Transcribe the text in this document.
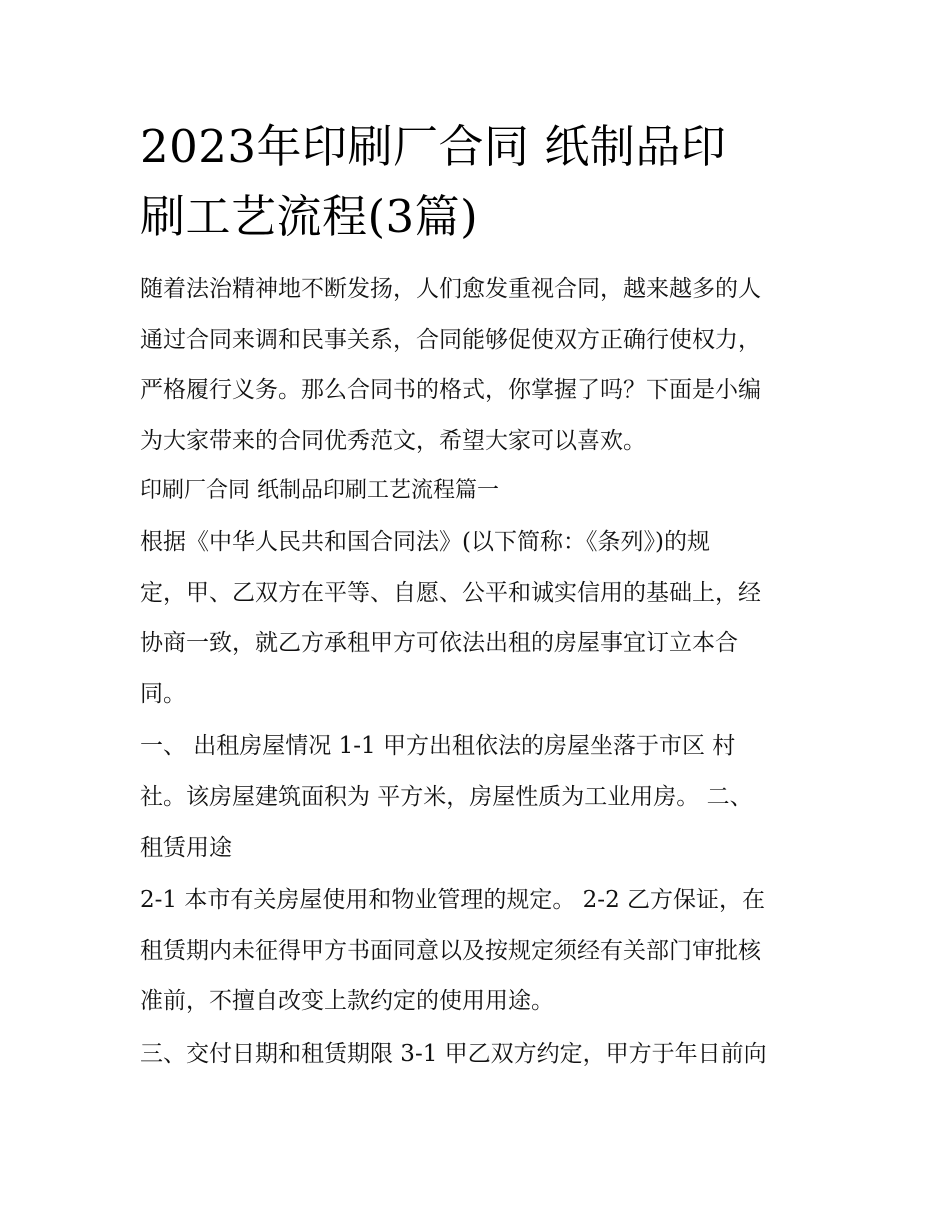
2023年印刷厂合同 纸制品印
刷工艺流程(3篇)
随着法治精神地不断发扬，人们愈发重视合同，越来越多的人
通过合同来调和民事关系，合同能够促使双方正确行使权力，
严格履行义务。那么合同书的格式，你掌握了吗？下面是小编
为大家带来的合同优秀范文，希望大家可以喜欢。
印刷厂合同 纸制品印刷工艺流程篇一
根据《中华人民共和国合同法》(以下简称：《条列》)的规
定，甲、乙双方在平等、自愿、公平和诚实信用的基础上，经
协商一致，就乙方承租甲方可依法出租的房屋事宜订立本合
同。
一、 出租房屋情况 1-1 甲方出租依法的房屋坐落于市区 村
社。该房屋建筑面积为 平方米，房屋性质为工业用房。 二、
租赁用途
2-1 本市有关房屋使用和物业管理的规定。 2-2 乙方保证，在
租赁期内未征得甲方书面同意以及按规定须经有关部门审批核
准前，不擅自改变上款约定的使用用途。
三、交付日期和租赁期限 3-1 甲乙双方约定，甲方于年日前向
